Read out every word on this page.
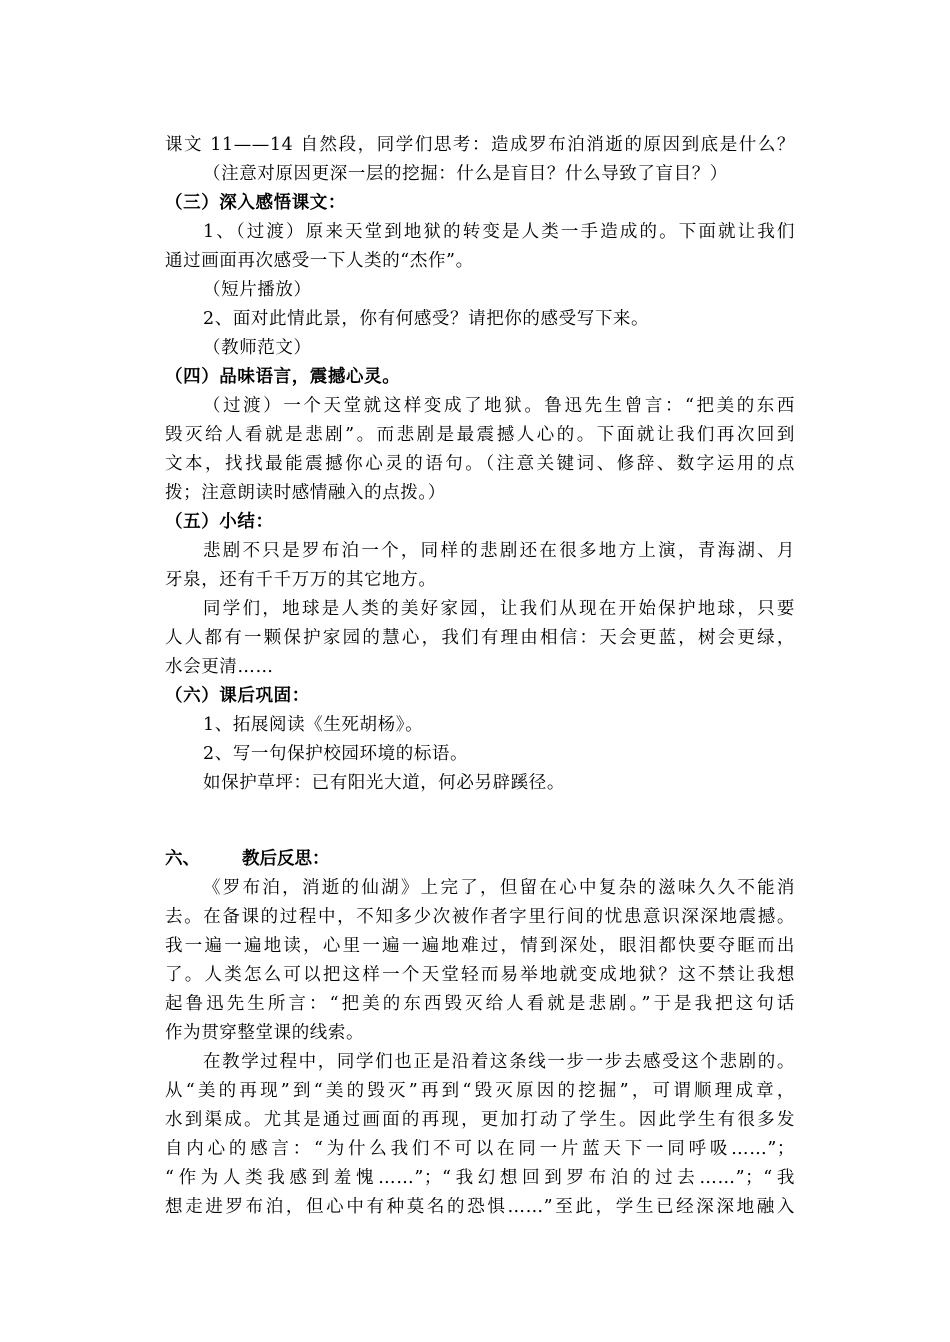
课文 11——14 自然段，同学们思考：造成罗布泊消逝的原因到底是什么？
（注意对原因更深一层的挖掘：什么是盲目？什么导致了盲目？）
（三）深入感悟课文：
1、（过渡）原来天堂到地狱的转变是人类一手造成的。下面就让我们
通过画面再次感受一下人类的“杰作”。
（短片播放）
2、面对此情此景，你有何感受？请把你的感受写下来。
（教师范文）
（四）品味语言，震撼心灵。
（过渡）一个天堂就这样变成了地狱。鲁迅先生曾言：“把美的东西
毁灭给人看就是悲剧”。而悲剧是最震撼人心的。下面就让我们再次回到
文本，找找最能震撼你心灵的语句。（注意关键词、修辞、数字运用的点
拨；注意朗读时感情融入的点拨。）
（五）小结：
悲剧不只是罗布泊一个，同样的悲剧还在很多地方上演，青海湖、月
牙泉，还有千千万万的其它地方。
同学们，地球是人类的美好家园，让我们从现在开始保护地球，只要
人人都有一颗保护家园的慧心，我们有理由相信：天会更蓝，树会更绿，
水会更清……
（六）课后巩固：
1、拓展阅读《生死胡杨》。
2、写一句保护校园环境的标语。
如保护草坪：已有阳光大道，何必另辟蹊径。
六、 教后反思：
《罗布泊，消逝的仙湖》上完了，但留在心中复杂的滋味久久不能消
去。在备课的过程中，不知多少次被作者字里行间的忧患意识深深地震撼。
我一遍一遍地读，心里一遍一遍地难过，情到深处，眼泪都快要夺眶而出
了。人类怎么可以把这样一个天堂轻而易举地就变成地狱？这不禁让我想
起鲁迅先生所言：“把美的东西毁灭给人看就是悲剧。”于是我把这句话
作为贯穿整堂课的线索。
在教学过程中，同学们也正是沿着这条线一步一步去感受这个悲剧的。
从“美的再现”到“美的毁灭”再到“毁灭原因的挖掘”，可谓顺理成章，
水到渠成。尤其是通过画面的再现，更加打动了学生。因此学生有很多发
自内心的感言：“为什么我们不可以在同一片蓝天下一同呼吸……”；
“作为人类我感到羞愧……”；“我幻想回到罗布泊的过去……”；“我
想走进罗布泊，但心中有种莫名的恐惧……”至此，学生已经深深地融入
